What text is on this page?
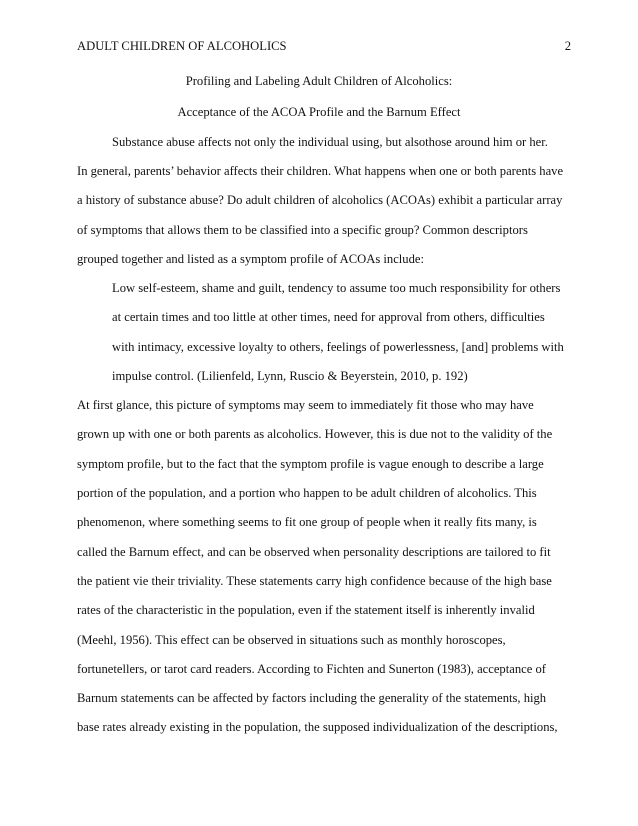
ADULT CHILDREN OF ALCOHOLICS	2
Profiling and Labeling Adult Children of Alcoholics:
Acceptance of the ACOA Profile and the Barnum Effect
Substance abuse affects not only the individual using, but alsothose around him or her.
In general, parents’ behavior affects their children. What happens when one or both parents have
a history of substance abuse? Do adult children of alcoholics (ACOAs) exhibit a particular array
of symptoms that allows them to be classified into a specific group? Common descriptors
grouped together and listed as a symptom profile of ACOAs include:
Low self-esteem, shame and guilt, tendency to assume too much responsibility for others
at certain times and too little at other times, need for approval from others, difficulties
with intimacy, excessive loyalty to others, feelings of powerlessness, [and] problems with
impulse control. (Lilienfeld, Lynn, Ruscio & Beyerstein, 2010, p. 192)
At first glance, this picture of symptoms may seem to immediately fit those who may have
grown up with one or both parents as alcoholics. However, this is due not to the validity of the
symptom profile, but to the fact that the symptom profile is vague enough to describe a large
portion of the population, and a portion who happen to be adult children of alcoholics. This
phenomenon, where something seems to fit one group of people when it really fits many, is
called the Barnum effect, and can be observed when personality descriptions are tailored to fit
the patient vie their triviality. These statements carry high confidence because of the high base
rates of the characteristic in the population, even if the statement itself is inherently invalid
(Meehl, 1956). This effect can be observed in situations such as monthly horoscopes,
fortunetellers, or tarot card readers. According to Fichten and Sunerton (1983), acceptance of
Barnum statements can be affected by factors including the generality of the statements, high
base rates already existing in the population, the supposed individualization of the descriptions,
